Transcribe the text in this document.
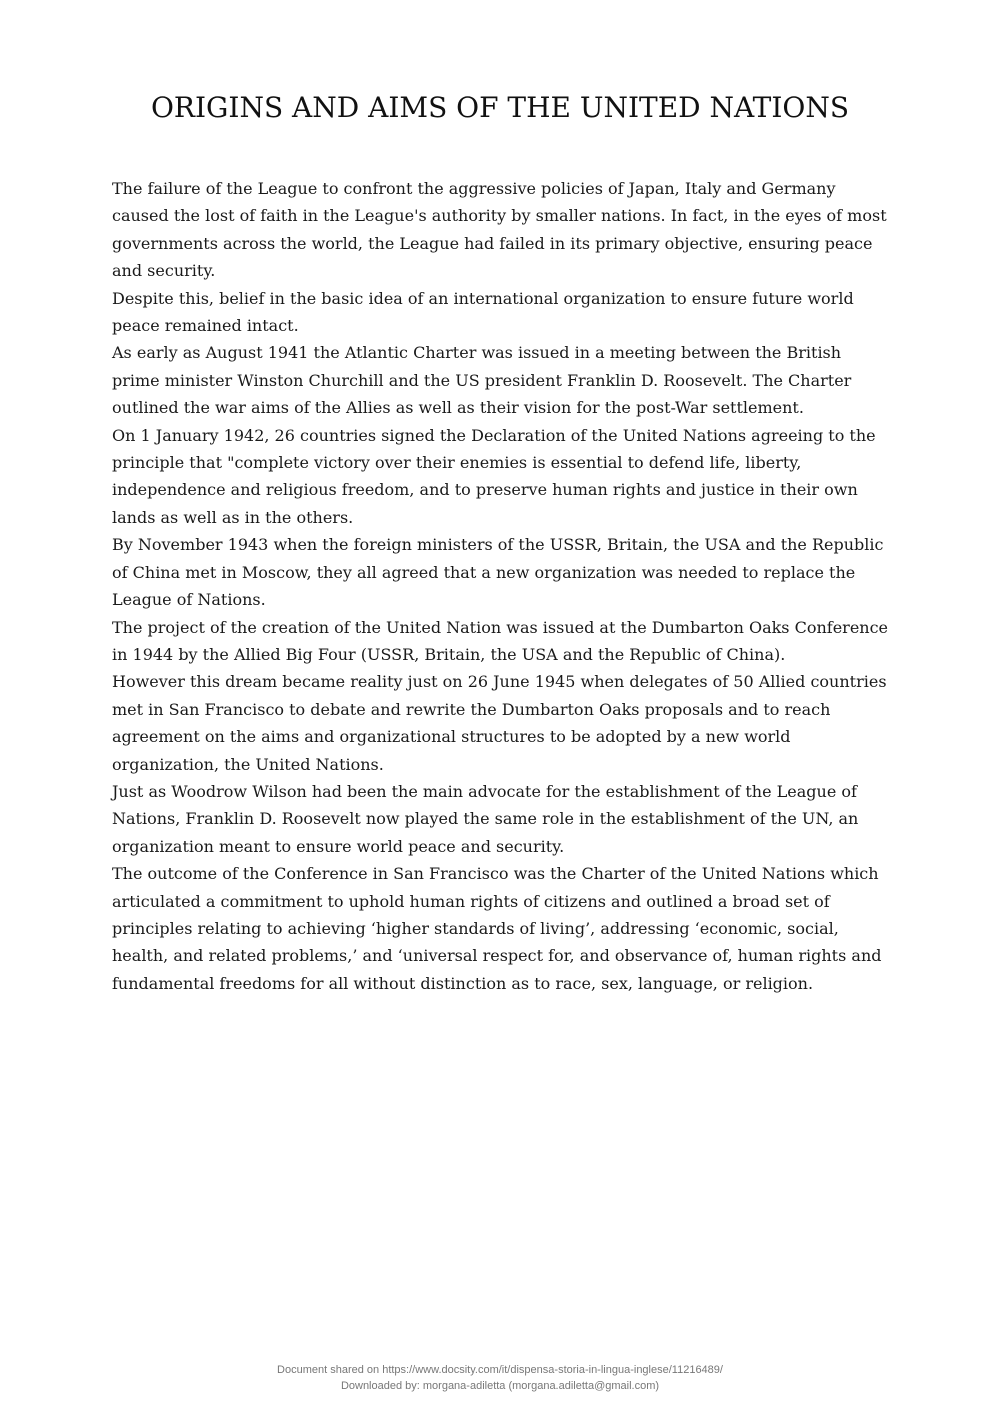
ORIGINS AND AIMS OF THE UNITED NATIONS

The failure of the League to confront the aggressive policies of Japan, Italy and Germany caused the lost of faith in the League's authority by smaller nations. In fact, in the eyes of most governments across the world, the League had failed in its primary objective, ensuring peace and security.

Despite this, belief in the basic idea of an international organization to ensure future world peace remained intact.

As early as August 1941 the Atlantic Charter was issued in a meeting between the British prime minister Winston Churchill and the US president Franklin D. Roosevelt. The Charter outlined the war aims of the Allies as well as their vision for the post-War settlement.

On 1 January 1942, 26 countries signed the Declaration of the United Nations agreeing to the principle that "complete victory over their enemies is essential to defend life, liberty, independence and religious freedom, and to preserve human rights and justice in their own lands as well as in the others.

By November 1943 when the foreign ministers of the USSR, Britain, the USA and the Republic of China met in Moscow, they all agreed that a new organization was needed to replace the League of Nations.

The project of the creation of the United Nation was issued at the Dumbarton Oaks Conference in 1944 by the Allied Big Four (USSR, Britain, the USA and the Republic of China).

However this dream became reality just on 26 June 1945 when delegates of 50 Allied countries met in San Francisco to debate and rewrite the Dumbarton Oaks proposals and to reach agreement on the aims and organizational structures to be adopted by a new world organization, the United Nations.

Just as Woodrow Wilson had been the main advocate for the establishment of the League of Nations, Franklin D. Roosevelt now played the same role in the establishment of the UN, an organization meant to ensure world peace and security.

The outcome of the Conference in San Francisco was the Charter of the United Nations which articulated a commitment to uphold human rights of citizens and outlined a broad set of principles relating to achieving ‘higher standards of living’, addressing ‘economic, social, health, and related problems,’ and ‘universal respect for, and observance of, human rights and fundamental freedoms for all without distinction as to race, sex, language, or religion.

Document shared on https://www.docsity.com/it/dispensa-storia-in-lingua-inglese/11216489/
Downloaded by: morgana-adiletta (morgana.adiletta@gmail.com)
